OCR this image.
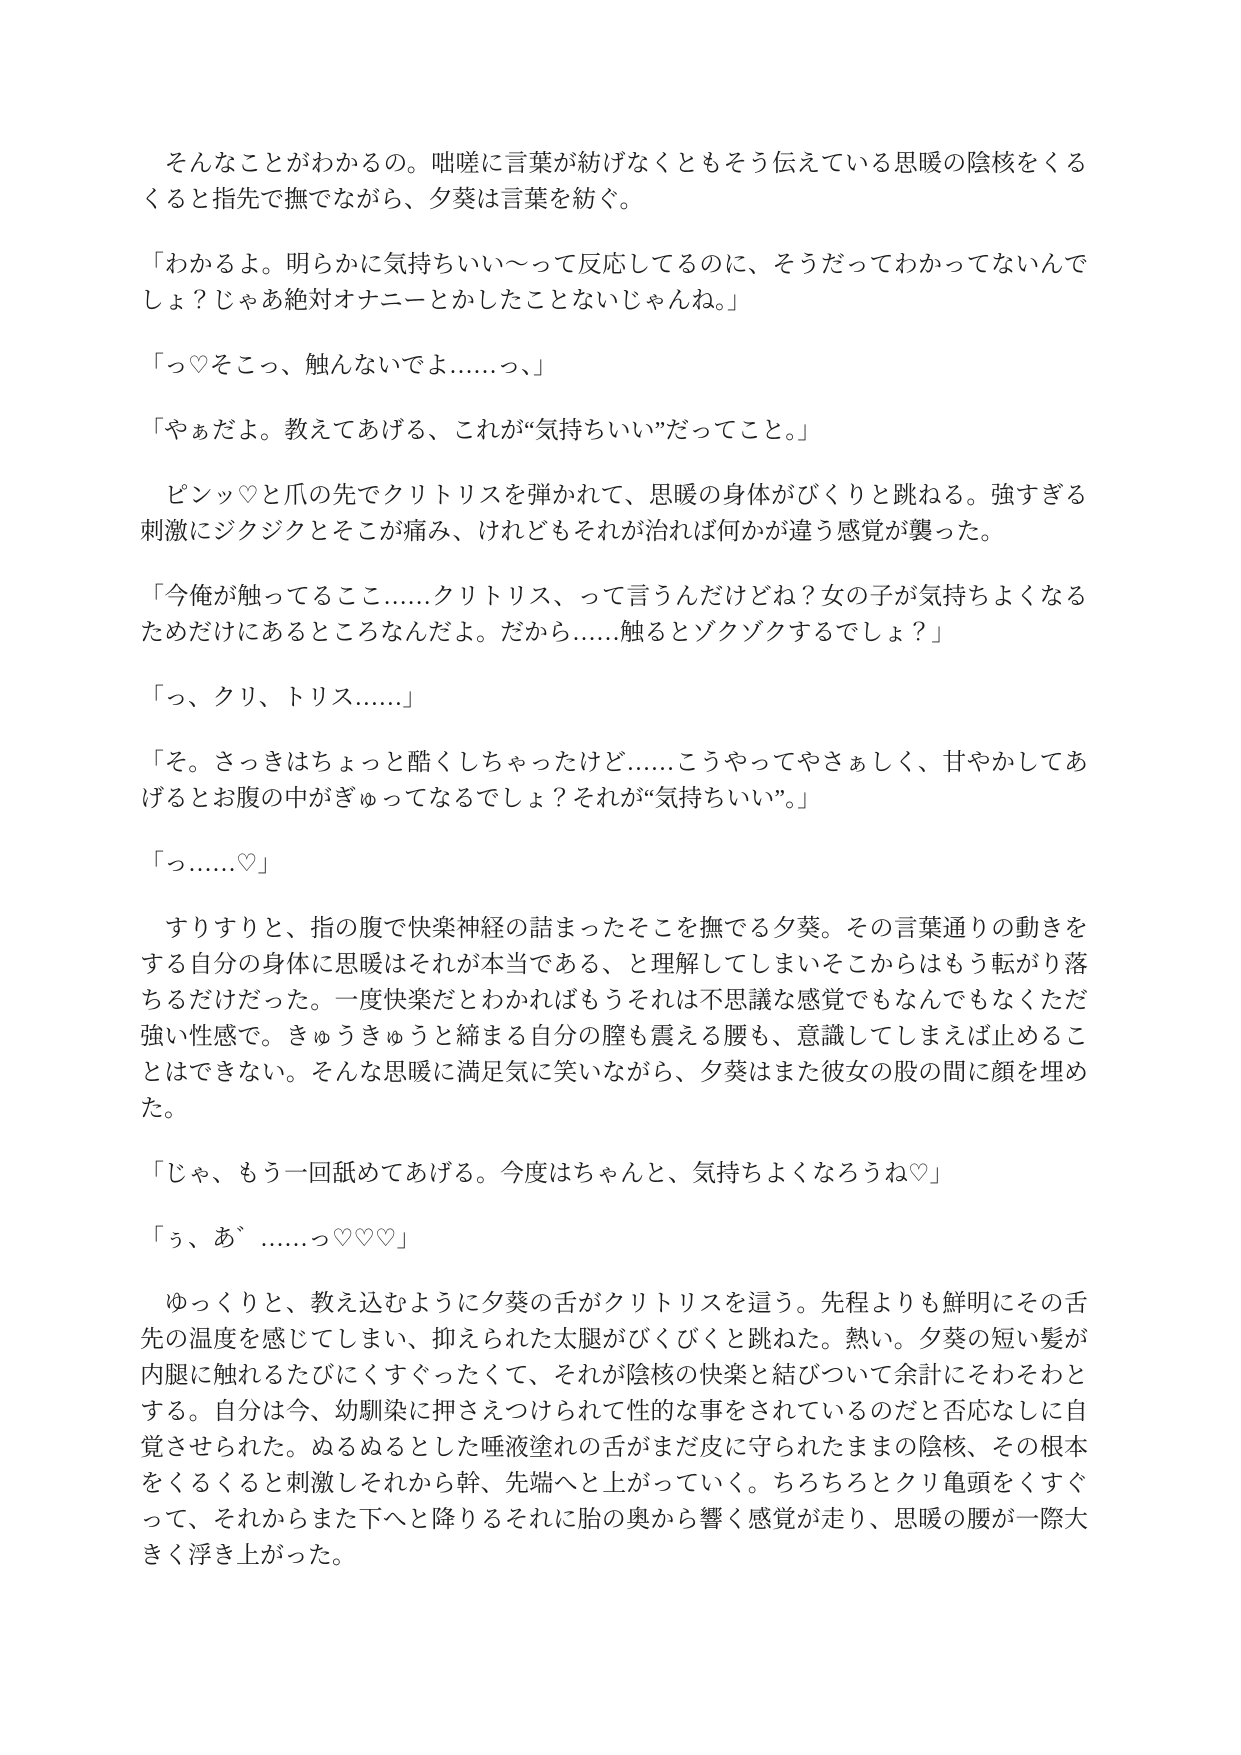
　そんなことがわかるの。咄嗟に言葉が紡げなくともそう伝えている思暖の陰核をくるくると指先で撫でながら、夕葵は言葉を紡ぐ。

「わかるよ。明らかに気持ちいい～って反応してるのに、そうだってわかってないんでしょ？じゃあ絶対オナニーとかしたことないじゃんね。」

「っ♡そこっ、触んないでよ……っ、」

「やぁだよ。教えてあげる、これが“気持ちいい”だってこと。」

　ピンッ♡と爪の先でクリトリスを弾かれて、思暖の身体がびくりと跳ねる。強すぎる刺激にジクジクとそこが痛み、けれどもそれが治れば何かが違う感覚が襲った。

「今俺が触ってるここ……クリトリス、って言うんだけどね？女の子が気持ちよくなるためだけにあるところなんだよ。だから……触るとゾクゾクするでしょ？」

「っ、クリ、トリス……」

「そ。さっきはちょっと酷くしちゃったけど……こうやってやさぁしく、甘やかしてあげるとお腹の中がぎゅってなるでしょ？それが“気持ちいい”。」

「っ……♡」

　すりすりと、指の腹で快楽神経の詰まったそこを撫でる夕葵。その言葉通りの動きをする自分の身体に思暖はそれが本当である、と理解してしまいそこからはもう転がり落ちるだけだった。一度快楽だとわかればもうそれは不思議な感覚でもなんでもなくただ強い性感で。きゅうきゅうと締まる自分の膣も震える腰も、意識してしまえば止めることはできない。そんな思暖に満足気に笑いながら、夕葵はまた彼女の股の間に顔を埋めた。

「じゃ、もう一回舐めてあげる。今度はちゃんと、気持ちよくなろうね♡」

「ぅ、あ゛……っ♡♡♡」

　ゆっくりと、教え込むように夕葵の舌がクリトリスを這う。先程よりも鮮明にその舌先の温度を感じてしまい、抑えられた太腿がびくびくと跳ねた。熱い。夕葵の短い髪が内腿に触れるたびにくすぐったくて、それが陰核の快楽と結びついて余計にそわそわとする。自分は今、幼馴染に押さえつけられて性的な事をされているのだと否応なしに自覚させられた。ぬるぬるとした唾液塗れの舌がまだ皮に守られたままの陰核、その根本をくるくると刺激しそれから幹、先端へと上がっていく。ちろちろとクリ亀頭をくすぐって、それからまた下へと降りるそれに胎の奥から響く感覚が走り、思暖の腰が一際大きく浮き上がった。
